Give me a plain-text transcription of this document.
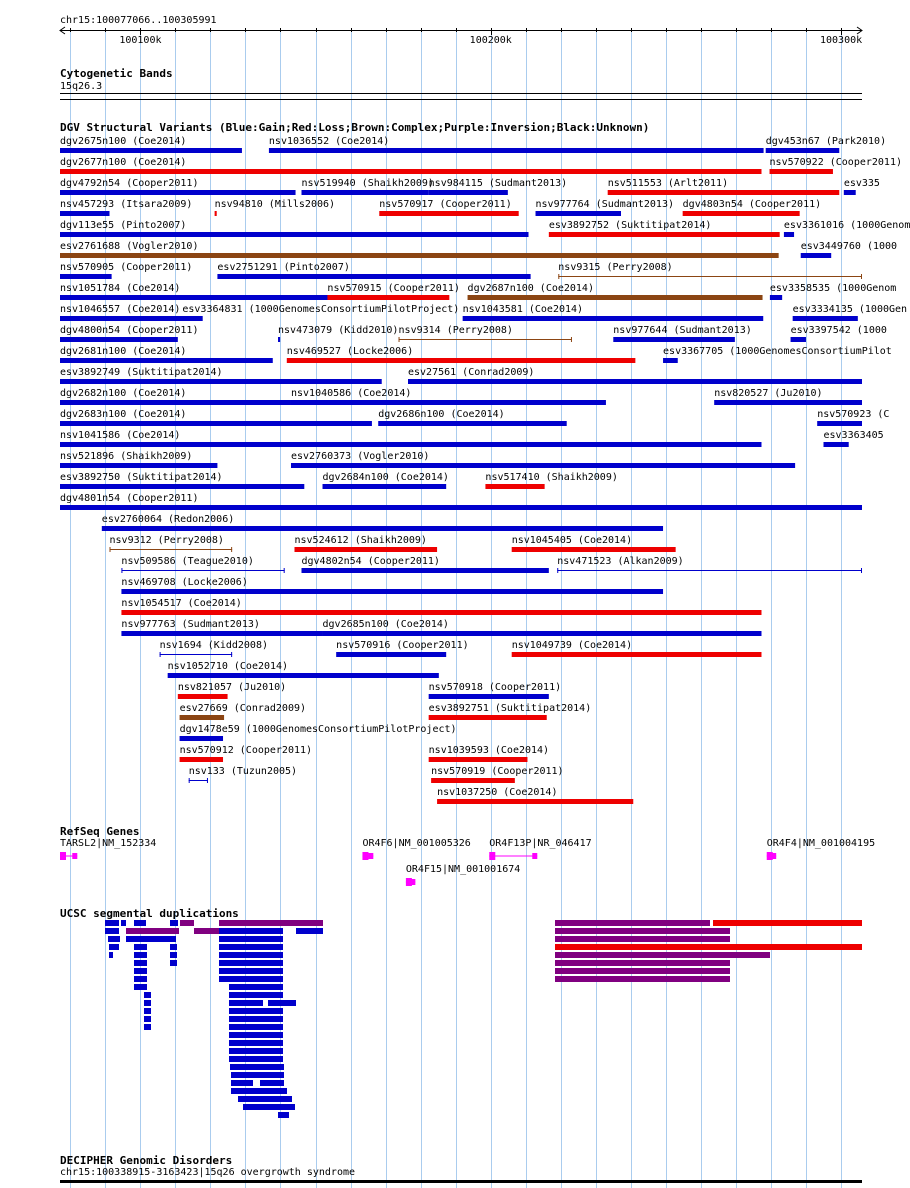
chr15:100077066..100305991
Cytogenetic Bands
15q26.3
DGV Structural Variants (Blue:Gain;Red:Loss;Brown:Complex;Purple:Inversion;Black:Unknown)
RefSeq Genes
UCSC segmental duplications
DECIPHER Genomic Disorders
chr15:100338915-3163423|15q26 overgrowth syndrome
100100k	100200k	100300k
dgv2675n100 (Coe2014)	nsv1036552 (Coe2014)	dgv453n67 (Park2010)
dgv2677n100 (Coe2014)	nsv570922 (Cooper2011)
dgv4792n54 (Cooper2011)	nsv519940 (Shaikh2009)
nsv984115 (Sudmant2013)	nsv511553 (Arlt2011)	esv335
nsv457293 (Itsara2009) nsv94810 (Mills2006)	nsv570917 (Cooper2011) nsv977764 (Sudmant2013) dgv4803n54 (Cooper2011)
dgv113e55 (Pinto2007)	esv3892752 (Suktitipat2014)	esv3361016 (1000Genom
esv2761688 (Vogler2010)	esv3449760 (1000
nsv570905 (Cooper2011) esv2751291 (Pinto2007)	nsv9315 (Perry2008)
nsv1051784 (Coe2014)	nsv570915 (Cooper2011) dgv2687n100 (Coe2014)	esv3358535 (1000Genom
nsv1046557 (Coe2014) esv3364831 (1000GenomesConsortiumPilotProject) nsv1043581 (Coe2014)	esv3334135 (1000Gen
dgv4800n54 (Cooper2011)	nsv473079 (Kidd2010) nsv9314 (Perry2008)	nsv977644 (Sudmant2013)	esv3397542 (1000
dgv2681n100 (Coe2014)	nsv469527 (Locke2006)	esv3367705 (1000GenomesConsortiumPilot
esv3892749 (Suktitipat2014)	esv27561 (Conrad2009)
dgv2682n100 (Coe2014)	nsv1040586 (Coe2014)	nsv820527 (Ju2010)
dgv2683n100 (Coe2014)	dgv2686n100 (Coe2014)	nsv570923 (C
nsv1041586 (Coe2014)	esv3363405
nsv521896 (Shaikh2009)	esv2760373 (Vogler2010)
esv3892750 (Suktitipat2014)	dgv2684n100 (Coe2014)	nsv517410 (Shaikh2009)
dgv4801n54 (Cooper2011)
esv2760064 (Redon2006)
nsv9312 (Perry2008)	nsv524612 (Shaikh2009)	nsv1045405 (Coe2014)
nsv509586 (Teague2010)	dgv4802n54 (Cooper2011)	nsv471523 (Alkan2009)
nsv469708 (Locke2006)
nsv1054517 (Coe2014)
nsv977763 (Sudmant2013)	dgv2685n100 (Coe2014)
nsv1694 (Kidd2008)	nsv570916 (Cooper2011)	nsv1049739 (Coe2014)
nsv1052710 (Coe2014)
nsv821057 (Ju2010)	nsv570918 (Cooper2011)
esv27669 (Conrad2009)	esv3892751 (Suktitipat2014)
dgv1478e59 (1000GenomesConsortiumPilotProject)
nsv570912 (Cooper2011)	nsv1039593 (Coe2014)
nsv133 (Tuzun2005)	nsv570919 (Cooper2011)
nsv1037250 (Coe2014)
TARSL2|NM_152334	OR4F6|NM_001005326 OR4F13P|NR_046417	OR4F4|NM_001004195
OR4F15|NM_001001674
